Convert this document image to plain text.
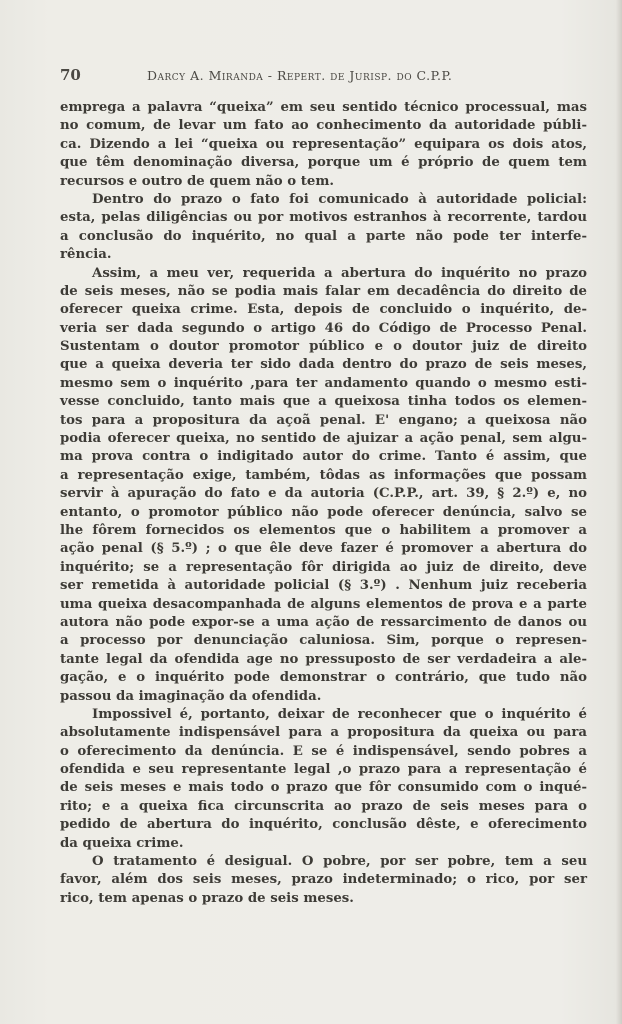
70	Darcy A. Miranda - Repert. de Jurisp. do C.P.P.
emprega a palavra “queixa” em seu sentido técnico processual, mas
no comum, de levar um fato ao conhecimento da autoridade públi-
ca. Dizendo a lei “queixa ou representação” equipara os dois atos,
que têm denominação diversa, porque um é próprio de quem tem
recursos e outro de quem não o tem.
Dentro do prazo o fato foi comunicado à autoridade policial:
esta, pelas diligências ou por motivos estranhos à recorrente, tardou
a conclusão do inquérito, no qual a parte não pode ter interfe-
rência.
Assim, a meu ver, requerida a abertura do inquérito no prazo
de seis meses, não se podia mais falar em decadência do direito de
oferecer queixa crime. Esta, depois de concluido o inquérito, de-
veria ser dada segundo o artigo 46 do Código de Processo Penal.
Sustentam o doutor promotor público e o doutor juiz de direito
que a queixa deveria ter sido dada dentro do prazo de seis meses,
mesmo sem o inquérito ,para ter andamento quando o mesmo esti-
vesse concluido, tanto mais que a queixosa tinha todos os elemen-
tos para a propositura da açoã penal. E' engano; a queixosa não
podia oferecer queixa, no sentido de ajuizar a ação penal, sem algu-
ma prova contra o indigitado autor do crime. Tanto é assim, que
a representação exige, também, tôdas as informações que possam
servir à apuração do fato e da autoria (C.P.P., art. 39, § 2.º) e, no
entanto, o promotor público não pode oferecer denúncia, salvo se
lhe fôrem fornecidos os elementos que o habilitem a promover a
ação penal (§ 5.º) ; o que êle deve fazer é promover a abertura do
inquérito; se a representação fôr dirigida ao juiz de direito, deve
ser remetida à autoridade policial (§ 3.º) . Nenhum juiz receberia
uma queixa desacompanhada de alguns elementos de prova e a parte
autora não pode expor-se a uma ação de ressarcimento de danos ou
a processo por denunciação caluniosa. Sim, porque o represen-
tante legal da ofendida age no pressuposto de ser verdadeira a ale-
gação, e o inquérito pode demonstrar o contrário, que tudo não
passou da imaginação da ofendida.
Impossivel é, portanto, deixar de reconhecer que o inquérito é
absolutamente indispensável para a propositura da queixa ou para
o oferecimento da denúncia. E se é indispensável, sendo pobres a
ofendida e seu representante legal ,o prazo para a representação é
de seis meses e mais todo o prazo que fôr consumido com o inqué-
rito; e a queixa fica circunscrita ao prazo de seis meses para o
pedido de abertura do inquérito, conclusão dêste, e oferecimento
da queixa crime.
O tratamento é desigual. O pobre, por ser pobre, tem a seu
favor, além dos seis meses, prazo indeterminado; o rico, por ser
rico, tem apenas o prazo de seis meses.
